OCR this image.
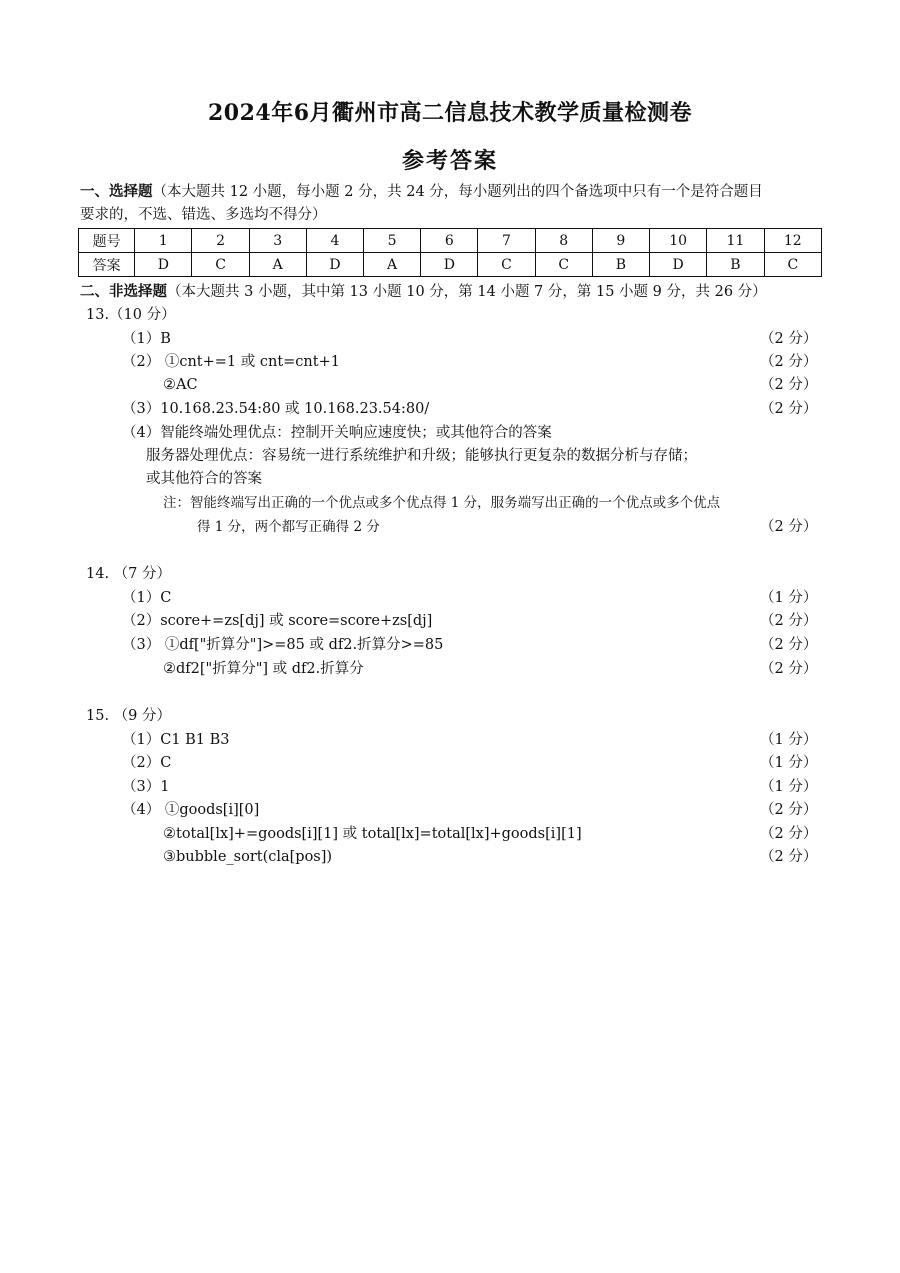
2024年6月衢州市高二信息技术教学质量检测卷
参考答案
一、选择题（本大题共 12 小题，每小题 2 分，共 24 分，每小题列出的四个备选项中只有一个是符合题目
要求的，不选、错选、多选均不得分）
题号	1	2	3	4	5	6	7	8	9	10	11	12
答案	D	C	A	D	A	D	C	C	B	D	B	C
二、非选择题（本大题共 3 小题，其中第 13 小题 10 分，第 14 小题 7 分，第 15 小题 9 分，共 26 分）
13.（10 分）
（1）B	（2 分）
（2） ①cnt+=1 或 cnt=cnt+1	（2 分）
②AC	（2 分）
（3）10.168.23.54:80 或 10.168.23.54:80/	（2 分）
（4）智能终端处理优点：控制开关响应速度快；或其他符合的答案
服务器处理优点：容易统一进行系统维护和升级；能够执行更复杂的数据分析与存储；
或其他符合的答案
注：智能终端写出正确的一个优点或多个优点得 1 分，服务端写出正确的一个优点或多个优点
得 1 分，两个都写正确得 2 分	（2 分）
14. （7 分）
（1）C	（1 分）
（2）score+=zs[dj] 或 score=score+zs[dj]	（2 分）
（3） ①df["折算分"]>=85 或 df2.折算分>=85	（2 分）
②df2["折算分"] 或 df2.折算分	（2 分）
15. （9 分）
（1）C1 B1 B3	（1 分）
（2）C	（1 分）
（3）1	（1 分）
（4） ①goods[i][0]	（2 分）
②total[lx]+=goods[i][1] 或 total[lx]=total[lx]+goods[i][1]	（2 分）
③bubble_sort(cla[pos])	（2 分）
